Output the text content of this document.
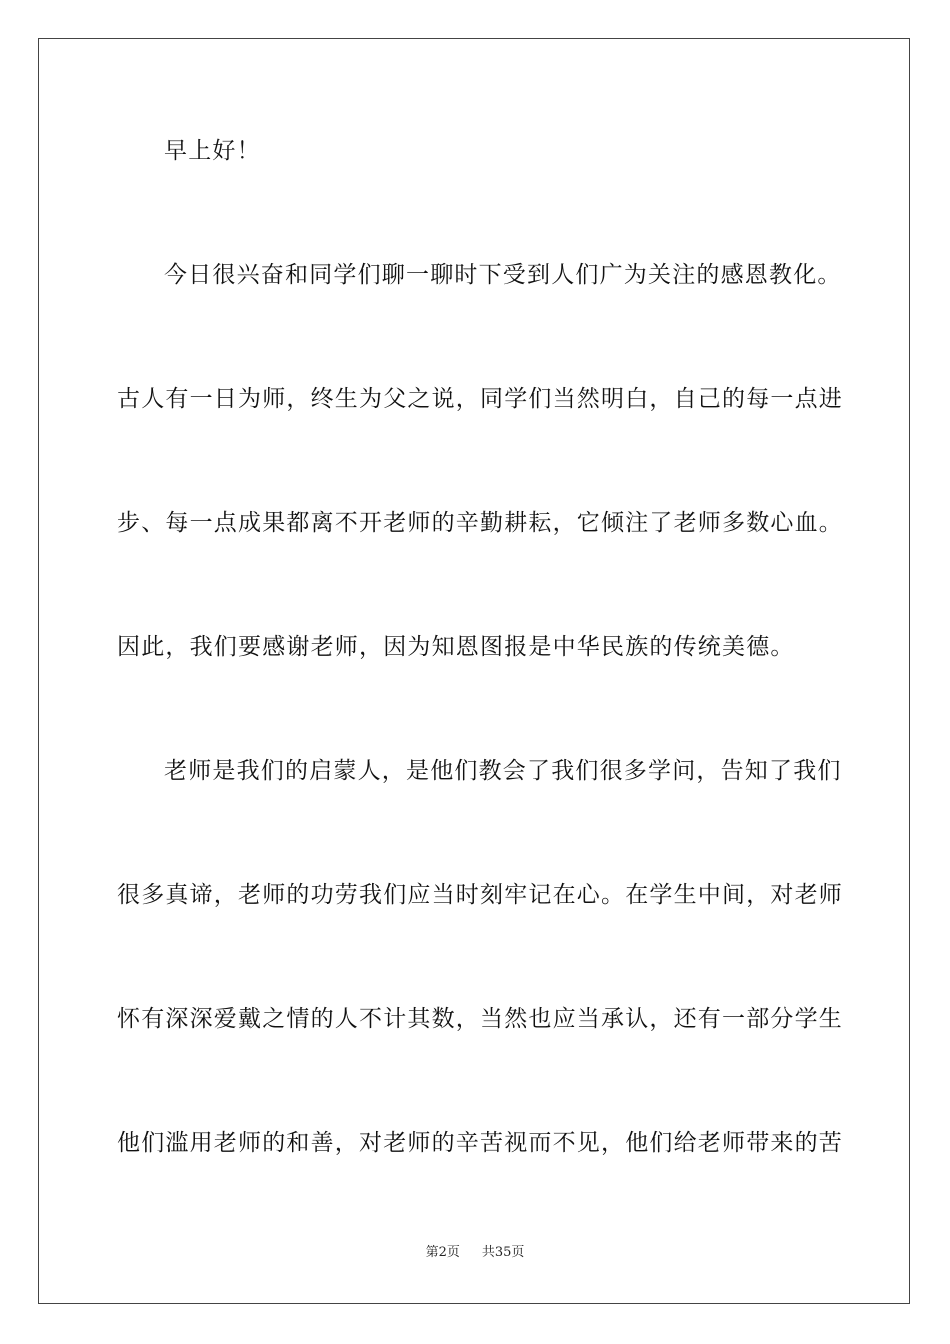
早上好！
今日很兴奋和同学们聊一聊时下受到人们广为关注的感恩教化。
古人有一日为师，终生为父之说，同学们当然明白，自己的每一点进
步、每一点成果都离不开老师的辛勤耕耘，它倾注了老师多数心血。
因此，我们要感谢老师，因为知恩图报是中华民族的传统美德。
老师是我们的启蒙人，是他们教会了我们很多学问，告知了我们
很多真谛，老师的功劳我们应当时刻牢记在心。在学生中间，对老师
怀有深深爱戴之情的人不计其数，当然也应当承认，还有一部分学生
他们滥用老师的和善，对老师的辛苦视而不见，他们给老师带来的苦
第2页 共35页
